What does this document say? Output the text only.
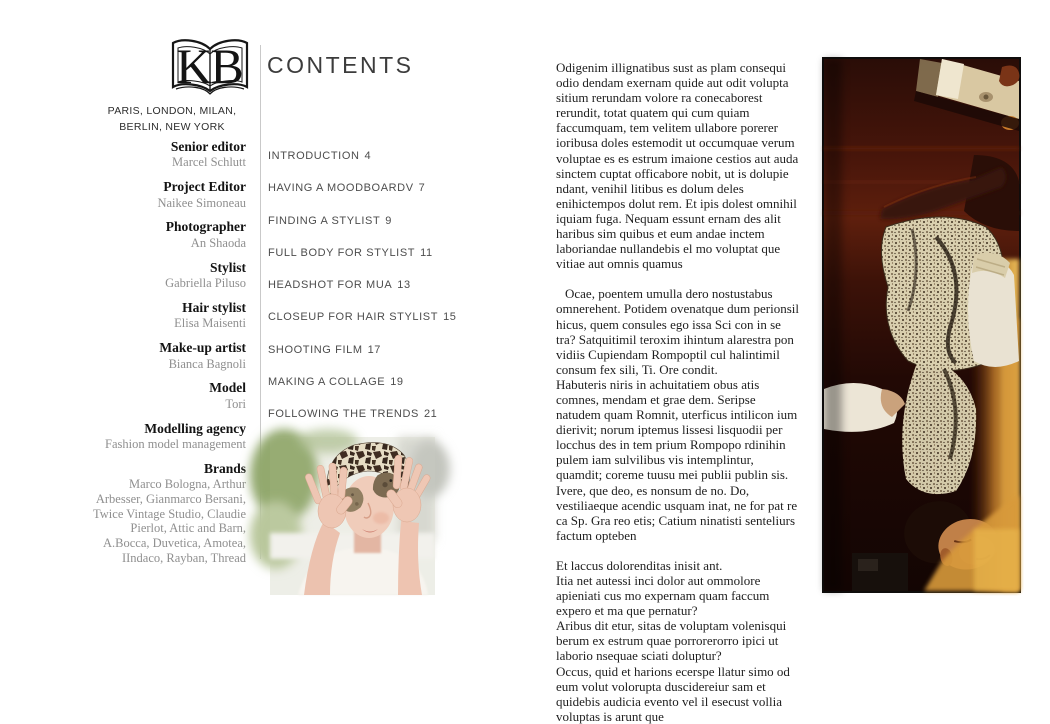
K
B
PARIS, LONDON, MILAN, BERLIN, NEW YORK
Senior editor
Marcel Schlutt
Project Editor
Naikee Simoneau
Photographer
An Shaoda
Stylist
Gabriella Piluso
Hair stylist
Elisa Maisenti
Make-up artist
Bianca Bagnoli
Model
Tori
Modelling agency
Fashion model management
Brands
Marco Bologna, Arthur Arbesser, Gianmarco Bersani, Twice Vintage Studio, Claudie Pierlot, Attic and Barn, A.Bocca, Duvetica, Amotea, IIndaco, Rayban, Thread
CONTENTS
INTRODUCTION 4
HAVING A MOODBOARDV 7
FINDING A STYLIST 9
FULL BODY FOR STYLIST 11
HEADSHOT FOR MUA 13
CLOSEUP FOR HAIR STYLIST 15
SHOOTING FILM 17
MAKING A COLLAGE 19
FOLLOWING THE TRENDS 21

Odigenim illignatibus sust as plam consequi odio dendam exernam quide aut odit volupta sitium rerundam volore ra conecaborest rerundit, totat quatem qui cum quiam faccumquam, tem velitem ullabore porerer ioribusa doles estemodit ut occumquae verum voluptae es es estrum imaione cestios aut auda sinctem cuptat officabore nobit, ut is dolupie ndant, venihil litibus es dolum deles enihictempos dolut rem. Et ipis dolest omnihil iquiam fuga. Nequam essunt ernam des alit haribus sim quibus et eum andae inctem laboriandae nullandebis el mo voluptat que vitiae aut omnis quamus

Ocae, poentem umulla dero nostustabus omnerehent. Potidem ovenatque dum perionsil hicus, quem consules ego issa Sci con in se tra? Satquitimil teroxim ihintum alarestra pon vidiis Cupiendam Rompoptil cul halintimil consum fex sili, Ti. Ore condit.

Habuteris niris in achuitatiem obus atis comnes, mendam et grae dem. Seripse natudem quam Romnit, uterficus intilicon ium dierivit; norum iptemus lissesi lisquodii per locchus des in tem prium Rompopo rdinihin pulem iam sulvilibus vis intemplintur, quamdit; coreme tuusu mei publii publin sis. Ivere, que deo, es nonsum de no. Do, vestiliaeque acendic usquam inat, ne for pat re ca Sp. Gra reo etis; Catium ninatisti senteliurs factum opteben

Et laccus dolorenditas inisit ant.

Itia net autessi inci dolor aut ommolore apieniati cus mo expernam quam faccum expero et ma que pernatur?

Aribus dit etur, sitas de voluptam volenisqui berum ex estrum quae porrorerorro ipici ut laborio nsequae sciati doluptur?

Occus, quid et harions ecerspe llatur simo od eum volut volorupta duscidereiur sam et quidebis audicia evento vel il esecust vollia voluptas is arunt que
